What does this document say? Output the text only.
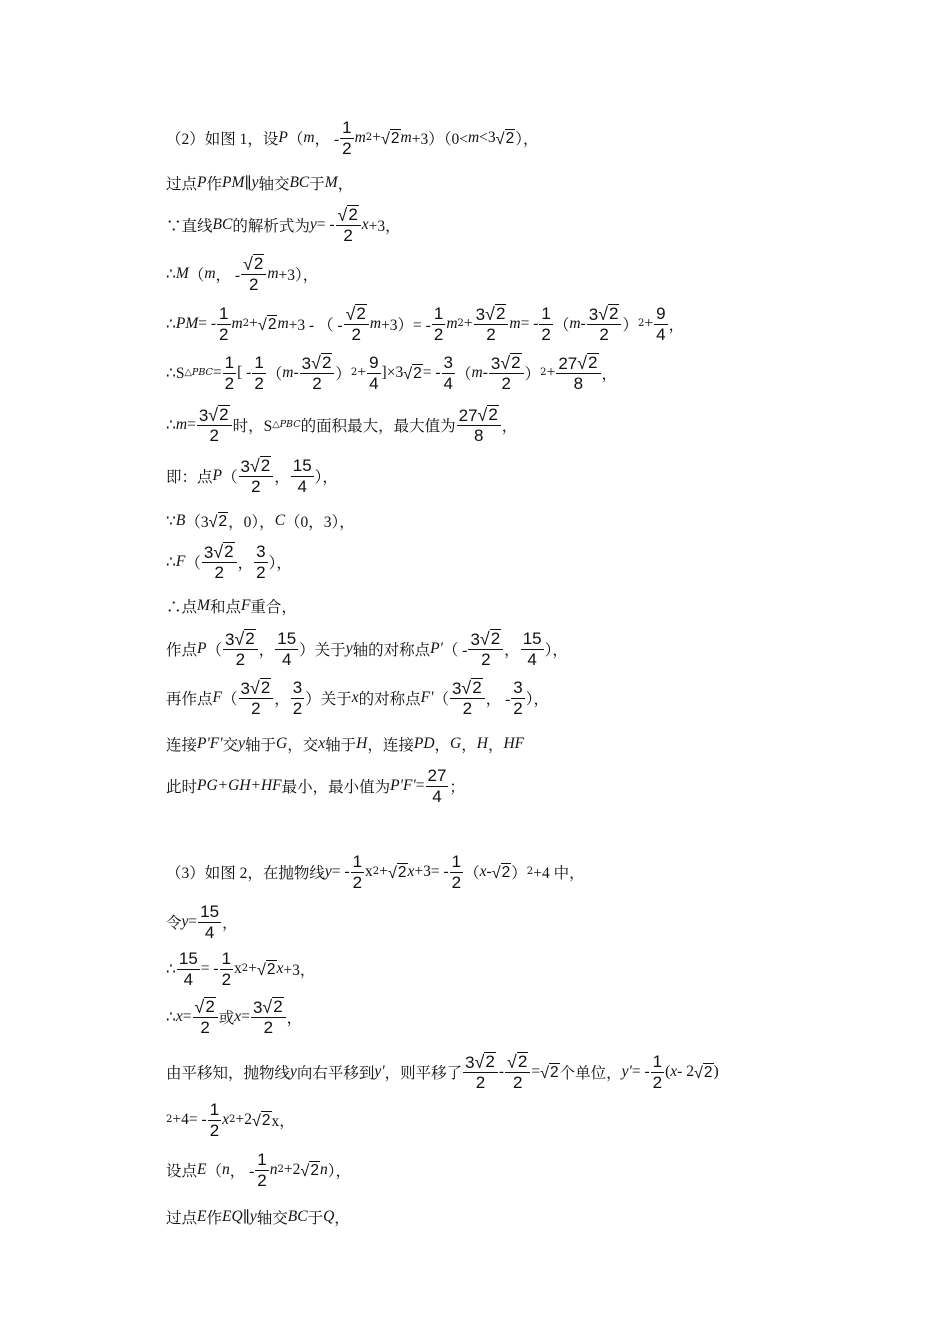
（2）如图 1，设 P （ m ， - $\frac{1}{2}$ m 2 + √ 2 m +3）（0< m <3 √ 2 ），
过点 P 作 PM ∥ y 轴交 BC 于 M ，
∵直线 BC 的解析式为 y = - $\frac{√ 2}{2}$ x +3，
∴ M （ m ， - $\frac{√ 2}{2}$ m +3），
∴ PM = - $\frac{1}{2}$ m 2 + √ 2 m +3 - （ - $\frac{√ 2}{2}$ $m +3)= - \frac{1}{2}$ m $2 + \frac{3 √ 2}{2}$ m = - $\frac{1}{2}$ （ m - $\frac{3 √ 2}{2}$ ） $2 + \frac{9}{4}$ ，
∴S △PBC = $\frac{1}{2}$ [ - $\frac{1}{2}$ （ m - $\frac{3 √ 2}{2}$ ） $2 + \frac{9}{4} ]\times 3$ √ 2 = - $\frac{3}{4}$ （ m - $\frac{3 √ 2}{2}$ ） $2 + \frac{27 √ 2}{8}$ ，
∴ $m = \frac{3 √ 2}{2}$ 时，S △PBC 的面积最大，最大值为 $\frac{27 √ 2}{8}$ ，
即：点 P （ $\frac{3 √ 2}{2}$ ， $\frac{15}{4}$ ），
∵ B （3 √ 2 ，0）， C （0，3），
∴ F （ $\frac{3 √ 2}{2}$ ， $\frac{3}{2}$ ），
∴点 M 和点 F 重合，
作点 P （ $\frac{3 √ 2}{2}$ ， $\frac{15}{4}$ ）关于 y 轴的对称点 P' （ - $\frac{3 √ 2}{2}$ ， $\frac{15}{4}$ ），
再作点 F （ $\frac{3 √ 2}{2}$ ， $\frac{3}{2}$ ）关于 x 的对称点 F' （ $\frac{3 √ 2}{2}$ ， - $\frac{3}{2}$ ），
连接 P'F' 交 y 轴于 G ，交 x 轴于 H ，连接 PD ， G ， H ， HF
此时 PG+GH+HF 最小，最小值为 $P'F' = \frac{27}{4}$ ；
（3）如图 2，在抛物线 y = - $\frac{1}{2}$ x 2 + √ 2 $x +3= - \frac{1}{2}$ （ x - √ 2 ） 2 +4 中，
令 $y = \frac{15}{4}$ ，
∴ $\frac{15}{4}$ = - $\frac{1}{2}$ x 2 + √ 2 x +3，
∴ $x = \frac{√ 2}{2}$ 或 $x = \frac{3 √ 2}{2}$ ，
由平移知，抛物线 y 向右平移到 y' ，则平移了 $\frac{3 √ 2}{2} - \frac{√ 2}{2}$ = √ 2 个单位， y' = - $\frac{1}{2}$ ( x - 2 √ 2 )
$2 +4= - \frac{1}{2}$ x 2 +2 √ 2 x，
设点 E （ n ， - $\frac{1}{2}$ n 2 +2 √ 2 n ），
过点 E 作 EQ ∥ y 轴交 BC 于 Q ，
